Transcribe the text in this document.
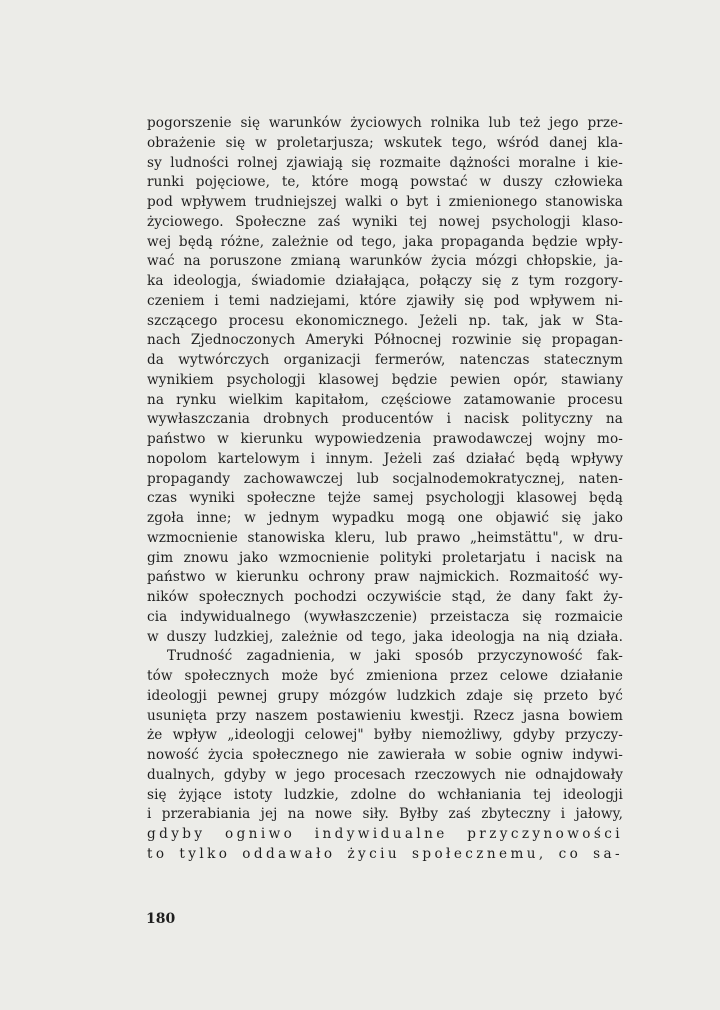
pogorszenie się warunków życiowych rolnika lub też jego prze-
obrażenie się w proletarjusza; wskutek tego, wśród danej kla-
sy ludności rolnej zjawiają się rozmaite dążności moralne i kie-
runki pojęciowe, te, które mogą powstać w duszy człowieka
pod wpływem trudniejszej walki o byt i zmienionego stanowiska
życiowego. Społeczne zaś wyniki tej nowej psychologji klaso-
wej będą różne, zależnie od tego, jaka propaganda będzie wpły-
wać na poruszone zmianą warunków życia mózgi chłopskie, ja-
ka ideologja, świadomie działająca, połączy się z tym rozgory-
czeniem i temi nadziejami, które zjawiły się pod wpływem ni-
szczącego procesu ekonomicznego. Jeżeli np. tak, jak w Sta-
nach Zjednoczonych Ameryki Północnej rozwinie się propagan-
da wytwórczych organizacji fermerów, natenczas statecznym
wynikiem psychologji klasowej będzie pewien opór, stawiany
na rynku wielkim kapitałom, częściowe zatamowanie procesu
wywłaszczania drobnych producentów i nacisk polityczny na
państwo w kierunku wypowiedzenia prawodawczej wojny mo-
nopolom kartelowym i innym. Jeżeli zaś działać będą wpływy
propagandy zachowawczej lub socjalnodemokratycznej, naten-
czas wyniki społeczne tejże samej psychologji klasowej będą
zgoła inne; w jednym wypadku mogą one objawić się jako
wzmocnienie stanowiska kleru, lub prawo „heimstättu", w dru-
gim znowu jako wzmocnienie polityki proletarjatu i nacisk na
państwo w kierunku ochrony praw najmickich. Rozmaitość wy-
ników społecznych pochodzi oczywiście stąd, że dany fakt ży-
cia indywidualnego (wywłaszczenie) przeistacza się rozmaicie
w duszy ludzkiej, zależnie od tego, jaka ideologja na nią działa.
Trudność zagadnienia, w jaki sposób przyczynowość fak-
tów społecznych może być zmieniona przez celowe działanie
ideologji pewnej grupy mózgów ludzkich zdaje się przeto być
usunięta przy naszem postawieniu kwestji. Rzecz jasna bowiem
że wpływ „ideologji celowej" byłby niemożliwy, gdyby przyczy-
nowość życia społecznego nie zawierała w sobie ogniw indywi-
dualnych, gdyby w jego procesach rzeczowych nie odnajdowały
się żyjące istoty ludzkie, zdolne do wchłaniania tej ideologji
i przerabiania jej na nowe siły. Byłby zaś zbyteczny i jałowy,
gdyby ogniwo indywidualne przyczynowości
to tylko oddawało życiu społecznemu, co sa-
180
